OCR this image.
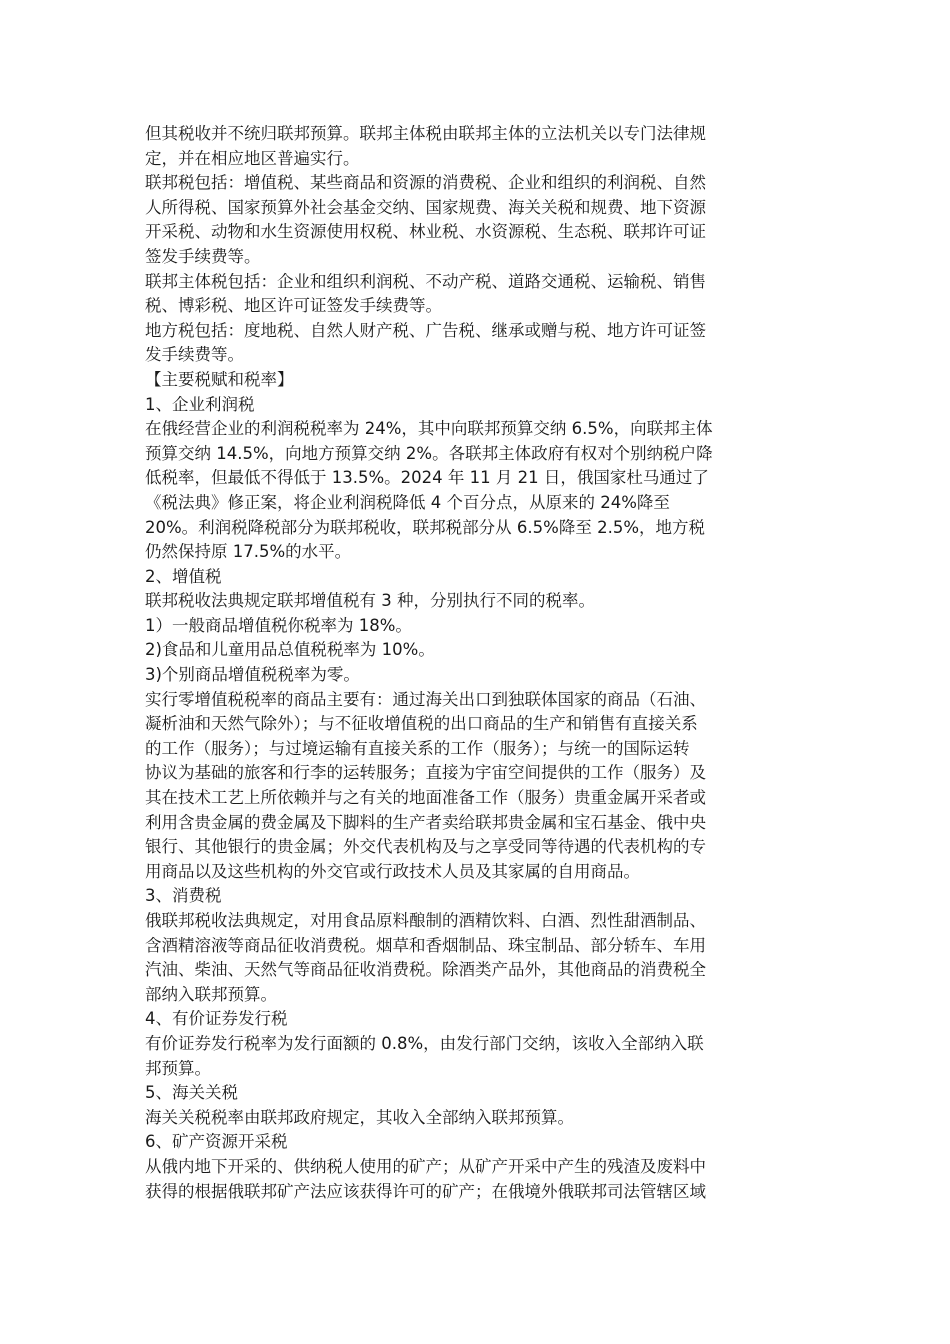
但其税收并不统归联邦预算。联邦主体税由联邦主体的立法机关以专门法律规
定，并在相应地区普遍实行。

联邦税包括：增值税、某些商品和资源的消费税、企业和组织的利润税、自然
人所得税、国家预算外社会基金交纳、国家规费、海关关税和规费、地下资源
开采税、动物和水生资源使用权税、林业税、水资源税、生态税、联邦许可证
签发手续费等。

联邦主体税包括：企业和组织利润税、不动产税、道路交通税、运输税、销售
税、博彩税、地区许可证签发手续费等。

地方税包括：度地税、自然人财产税、广告税、继承或赠与税、地方许可证签
发手续费等。

【主要税赋和税率】

1、企业利润税

在俄经营企业的利润税税率为 24%，其中向联邦预算交纳 6.5%，向联邦主体
预算交纳 14.5%，向地方预算交纳 2%。各联邦主体政府有权对个别纳税户降
低税率，但最低不得低于 13.5%。2024 年 11 月 21 日，俄国家杜马通过了
《税法典》修正案，将企业利润税降低 4 个百分点，从原来的 24%降至
20%。利润税降税部分为联邦税收，联邦税部分从 6.5%降至 2.5%，地方税
仍然保持原 17.5%的水平。

2、增值税

联邦税收法典规定联邦增值税有 3 种，分别执行不同的税率。

1）一般商品增值税你税率为 18%。

2)食品和儿童用品总值税税率为 10%。

3)个别商品增值税税率为零。

实行零增值税税率的商品主要有：通过海关出口到独联体国家的商品（石油、
凝析油和天然气除外）；与不征收增值税的出口商品的生产和销售有直接关系
的工作（服务）；与过境运输有直接关系的工作（服务）；与统一的国际运转
协议为基础的旅客和行李的运转服务；直接为宇宙空间提供的工作（服务）及
其在技术工艺上所依赖并与之有关的地面准备工作（服务）贵重金属开采者或
利用含贵金属的费金属及下脚料的生产者卖给联邦贵金属和宝石基金、俄中央
银行、其他银行的贵金属；外交代表机构及与之享受同等待遇的代表机构的专
用商品以及这些机构的外交官或行政技术人员及其家属的自用商品。

3、消费税

俄联邦税收法典规定，对用食品原料酿制的酒精饮料、白酒、烈性甜酒制品、
含酒精溶液等商品征收消费税。烟草和香烟制品、珠宝制品、部分轿车、车用
汽油、柴油、天然气等商品征收消费税。除酒类产品外，其他商品的消费税全
部纳入联邦预算。

4、有价证券发行税

有价证券发行税率为发行面额的 0.8%，由发行部门交纳，该收入全部纳入联
邦预算。

5、海关关税

海关关税税率由联邦政府规定，其收入全部纳入联邦预算。

6、矿产资源开采税

从俄内地下开采的、供纳税人使用的矿产；从矿产开采中产生的残渣及废料中
获得的根据俄联邦矿产法应该获得许可的矿产；在俄境外俄联邦司法管辖区域
